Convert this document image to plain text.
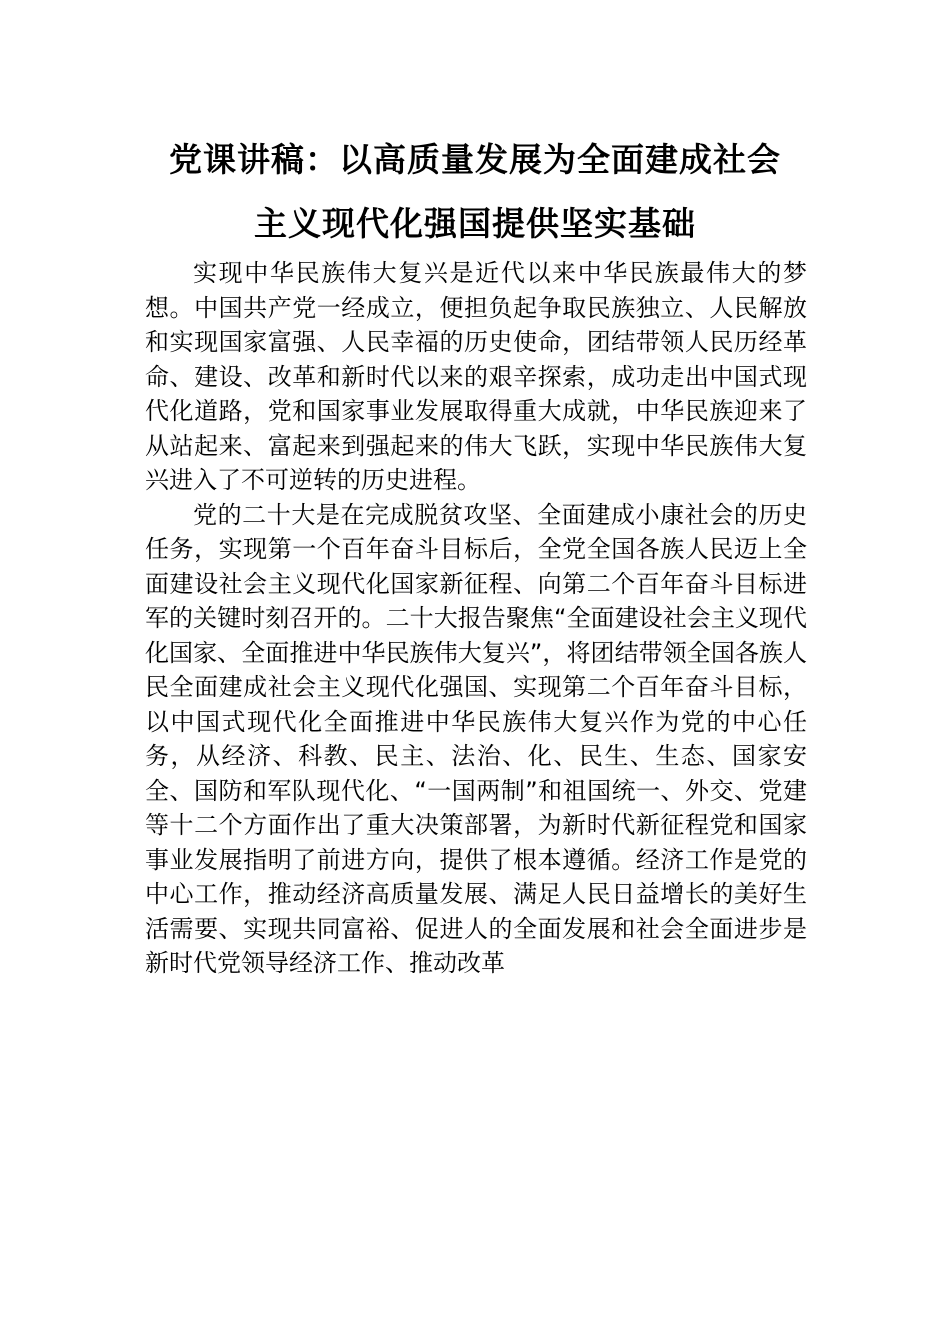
党课讲稿：以高质量发展为全面建成社会
主义现代化强国提供坚实基础

实现中华民族伟大复兴是近代以来中华民族最伟大的梦想。中国共产党一经成立，便担负起争取民族独立、人民解放和实现国家富强、人民幸福的历史使命，团结带领人民历经革命、建设、改革和新时代以来的艰辛探索，成功走出中国式现代化道路，党和国家事业发展取得重大成就，中华民族迎来了从站起来、富起来到强起来的伟大飞跃，实现中华民族伟大复兴进入了不可逆转的历史进程。

党的二十大是在完成脱贫攻坚、全面建成小康社会的历史任务，实现第一个百年奋斗目标后，全党全国各族人民迈上全面建设社会主义现代化国家新征程、向第二个百年奋斗目标进军的关键时刻召开的。二十大报告聚焦“全面建设社会主义现代化国家、全面推进中华民族伟大复兴”，将团结带领全国各族人民全面建成社会主义现代化强国、实现第二个百年奋斗目标，以中国式现代化全面推进中华民族伟大复兴作为党的中心任务，从经济、科教、民主、法治、化、民生、生态、国家安全、国防和军队现代化、“一国两制”和祖国统一、外交、党建等十二个方面作出了重大决策部署，为新时代新征程党和国家事业发展指明了前进方向，提供了根本遵循。经济工作是党的中心工作，推动经济高质量发展、满足人民日益增长的美好生活需要、实现共同富裕、促进人的全面发展和社会全面进步是新时代党领导经济工作、推动改革
